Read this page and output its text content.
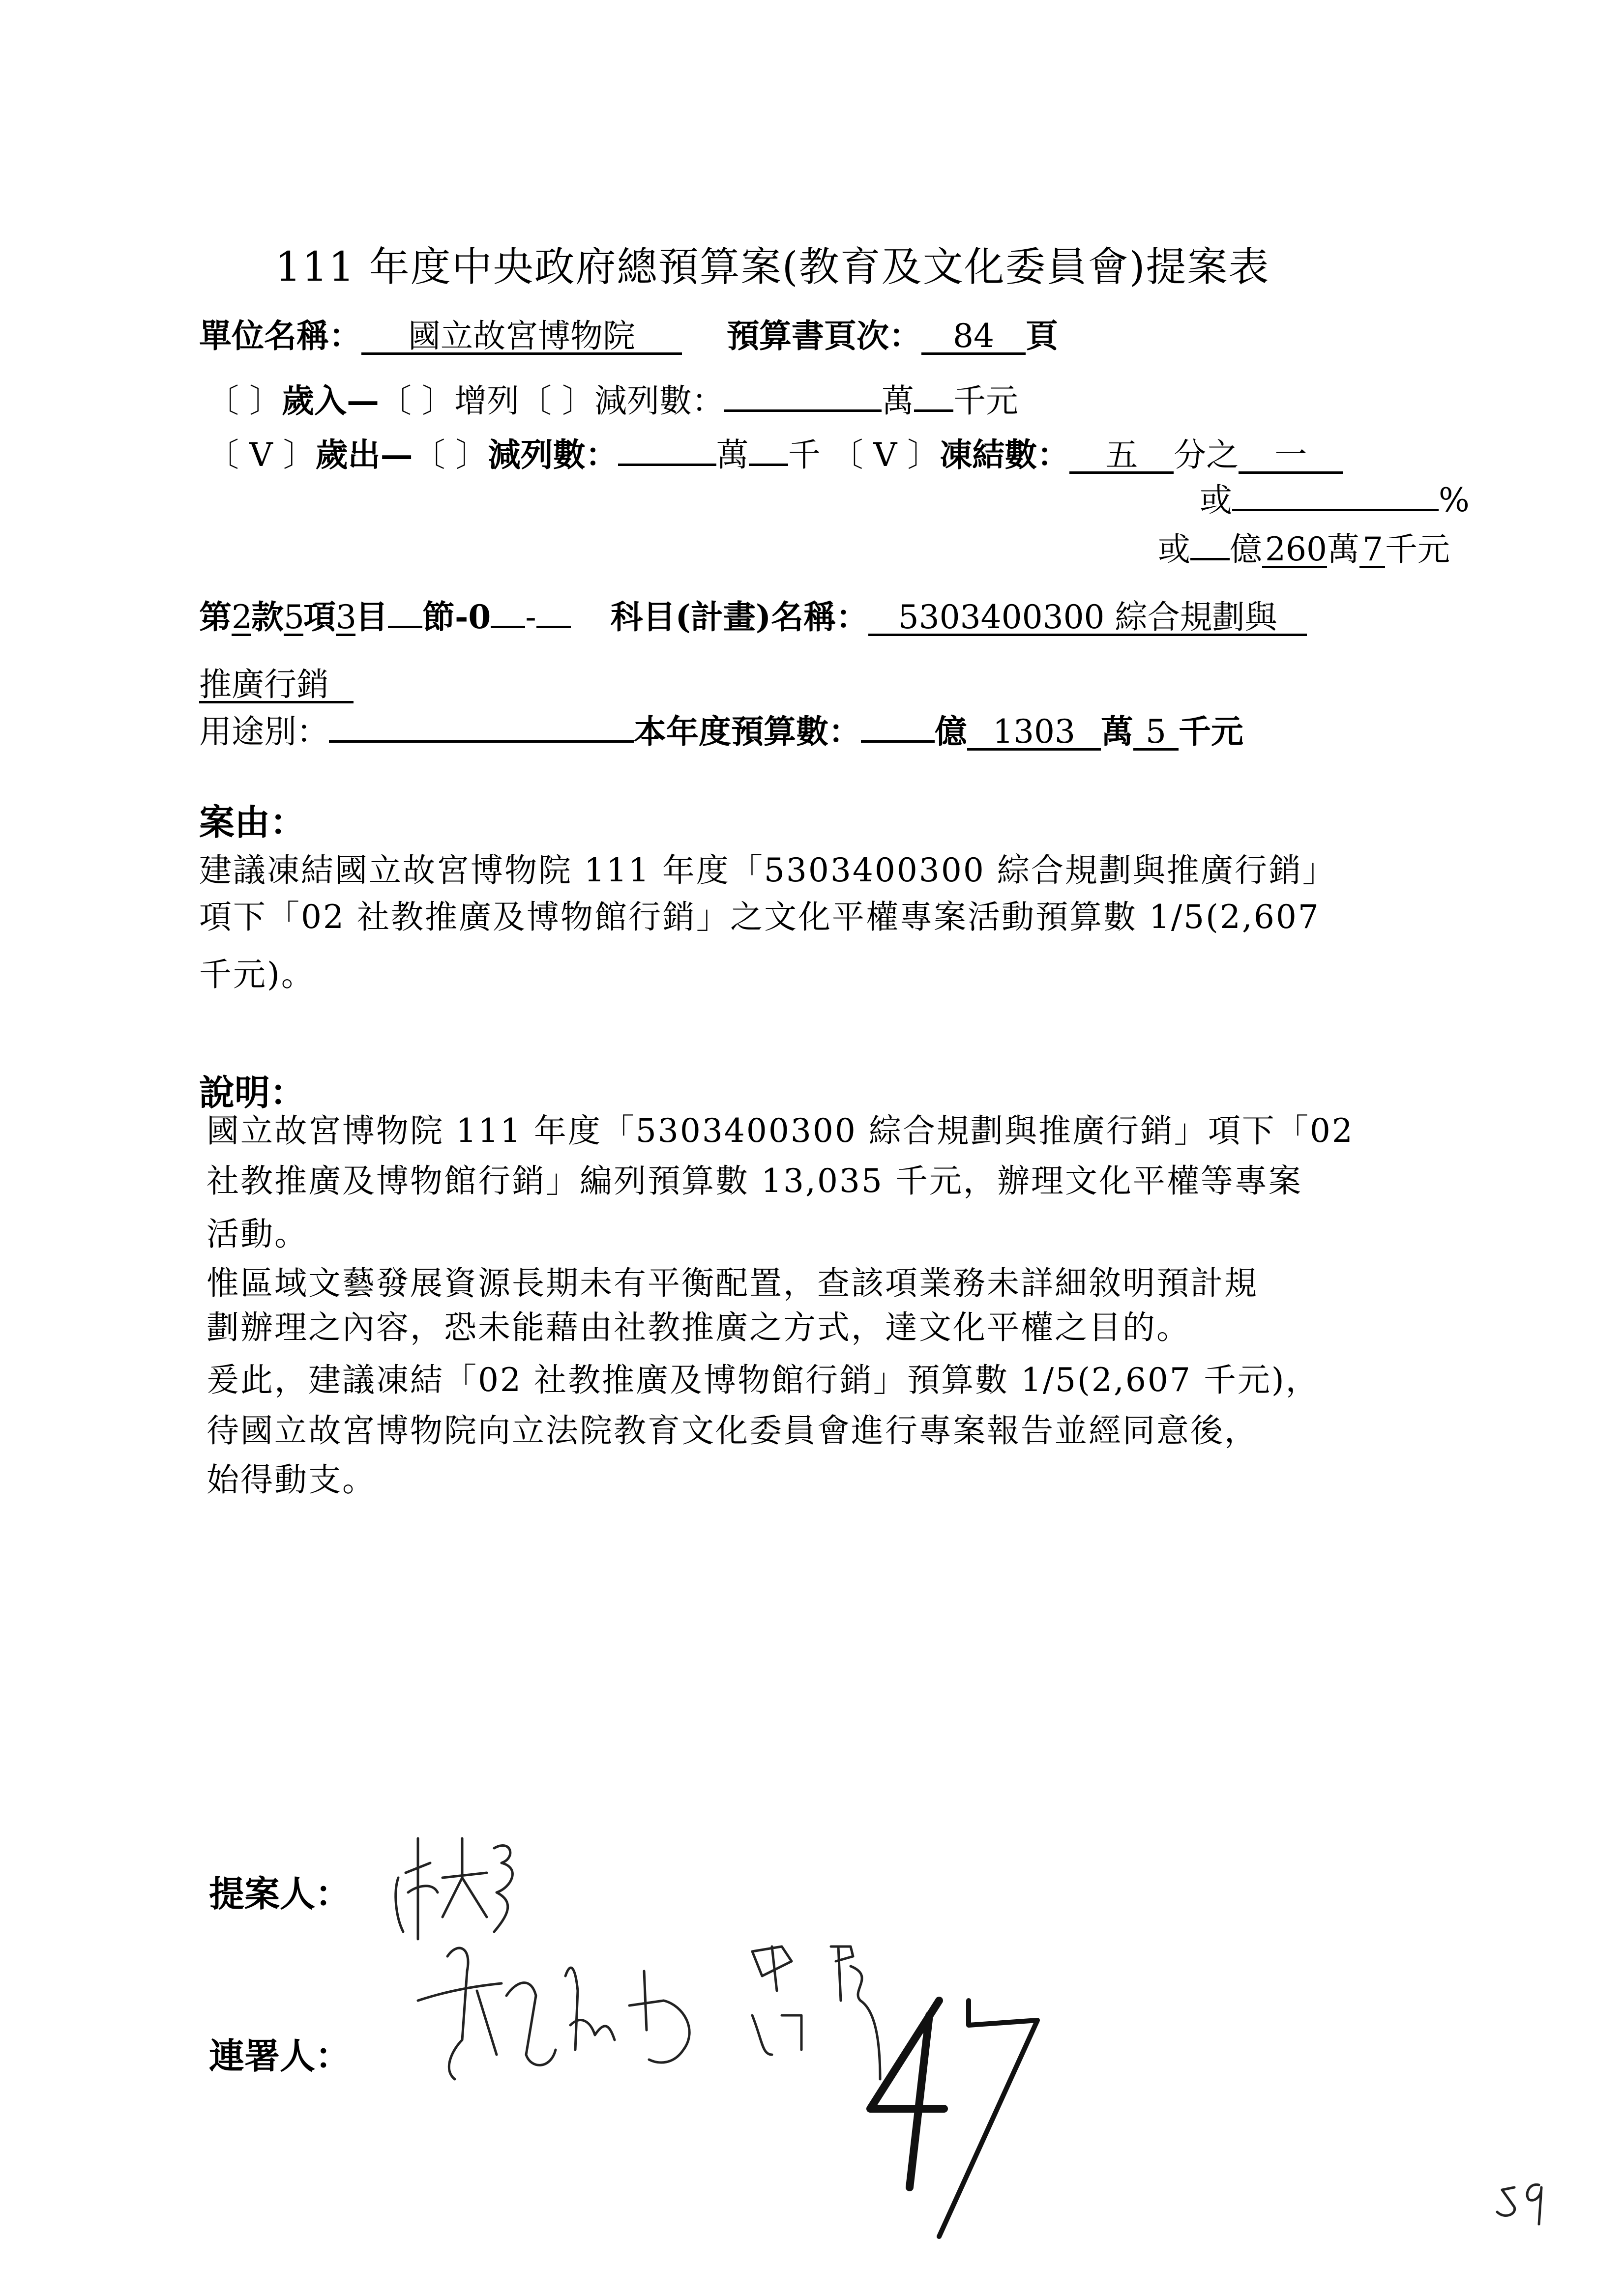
111 年度中央政府總預算案(教育及文化委員會)提案表
單位名稱： 國立故宮博物院	預算書頁次： 84 頁
〔 〕歲入—〔 〕增列〔 〕減列數：	萬 千元
〔 V 〕歲出—〔 〕減列數：	萬 千 〔 V 〕凍結數： 五 分之 一
或	%
或 億260萬7千元
第2款5項3目 節-0 - 科目(計畫)名稱： 5303400300 綜合規劃與
推廣行銷
用途別：	本年度預算數： 億 1303 萬 5 千元
案由：
建議凍結國立故宮博物院 111 年度「5303400300 綜合規劃與推廣行銷」
項下「02 社教推廣及博物館行銷」之文化平權專案活動預算數 1/5(2,607
千元)。
說明：
國立故宮博物院 111 年度「5303400300 綜合規劃與推廣行銷」項下「02
社教推廣及博物館行銷」編列預算數 13,035 千元，辦理文化平權等專案
活動。
惟區域文藝發展資源長期未有平衡配置，查該項業務未詳細敘明預計規
劃辦理之內容，恐未能藉由社教推廣之方式，達文化平權之目的。
爰此，建議凍結「02 社教推廣及博物館行銷」預算數 1/5(2,607 千元)，
待國立故宮博物院向立法院教育文化委員會進行專案報告並經同意後，
始得動支。
提案人：
連署人：
47
59
